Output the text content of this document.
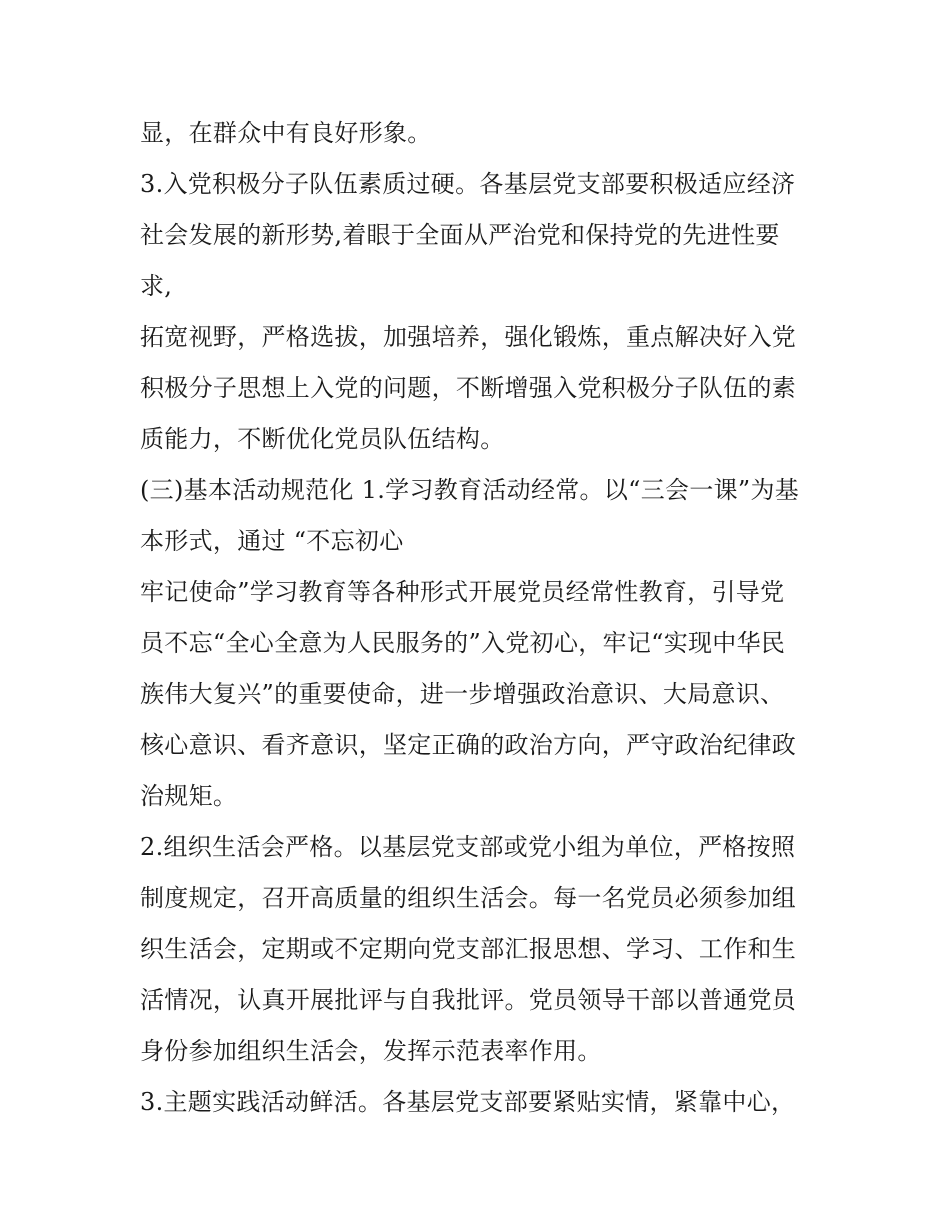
显，在群众中有良好形象。
3.入党积极分子队伍素质过硬。各基层党支部要积极适应经济
社会发展的新形势,着眼于全面从严治党和保持党的先进性要
求,
拓宽视野，严格选拔，加强培养，强化锻炼，重点解决好入党
积极分子思想上入党的问题，不断增强入党积极分子队伍的素
质能力，不断优化党员队伍结构。
(三)基本活动规范化 1.学习教育活动经常。以“三会一课”为基
本形式，通过 “不忘初心
牢记使命”学习教育等各种形式开展党员经常性教育，引导党
员不忘“全心全意为人民服务的”入党初心，牢记“实现中华民
族伟大复兴”的重要使命，进一步增强政治意识、大局意识、
核心意识、看齐意识，坚定正确的政治方向，严守政治纪律政
治规矩。
2.组织生活会严格。以基层党支部或党小组为单位，严格按照
制度规定，召开高质量的组织生活会。每一名党员必须参加组
织生活会，定期或不定期向党支部汇报思想、学习、工作和生
活情况，认真开展批评与自我批评。党员领导干部以普通党员
身份参加组织生活会，发挥示范表率作用。
3.主题实践活动鲜活。各基层党支部要紧贴实情，紧靠中心，
